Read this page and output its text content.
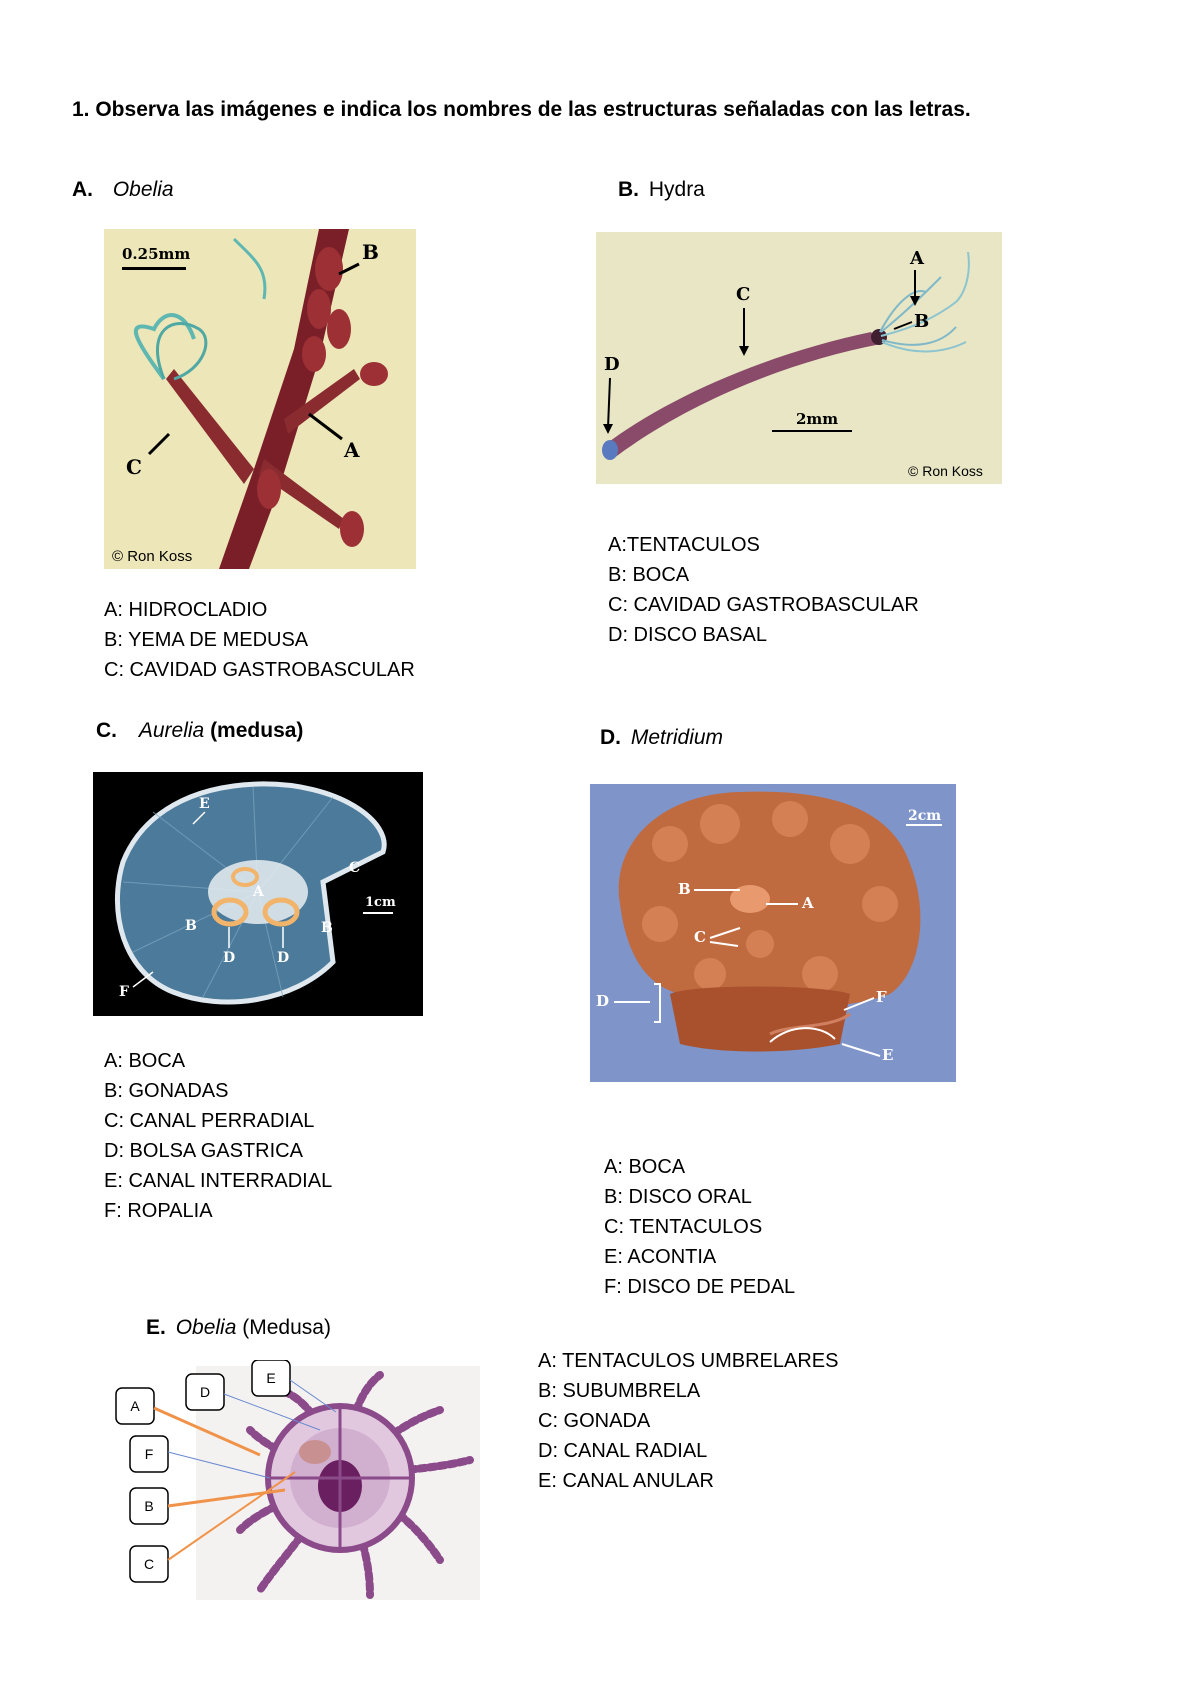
1. Observa las imágenes e indica los nombres de las estructuras señaladas con las letras.
A. Obelia
0.25mm	B
A
C
© Ron Koss
A: HIDROCLADIO
B: YEMA DE MEDUSA
C: CAVIDAD GASTROBASCULAR
B. Hydra
A
B
C
D
2mm
© Ron Koss
A:TENTACULOS
B: BOCA
C: CAVIDAD GASTROBASCULAR
D: DISCO BASAL
C. Aurelia (medusa)
E
A
B	B
C
D	D
F
1cm
A: BOCA
B: GONADAS
C: CANAL PERRADIAL
D: BOLSA GASTRICA
E: CANAL INTERRADIAL
F: ROPALIA
D. Metridium
B
A
C
D	F
E
2cm
A: BOCA
B: DISCO ORAL
C: TENTACULOS
E: ACONTIA
F: DISCO DE PEDAL
E. Obelia (Medusa)
A
F
B
C
D
E
A: TENTACULOS UMBRELARES
B: SUBUMBRELA
C: GONADA
D: CANAL RADIAL
E: CANAL ANULAR
